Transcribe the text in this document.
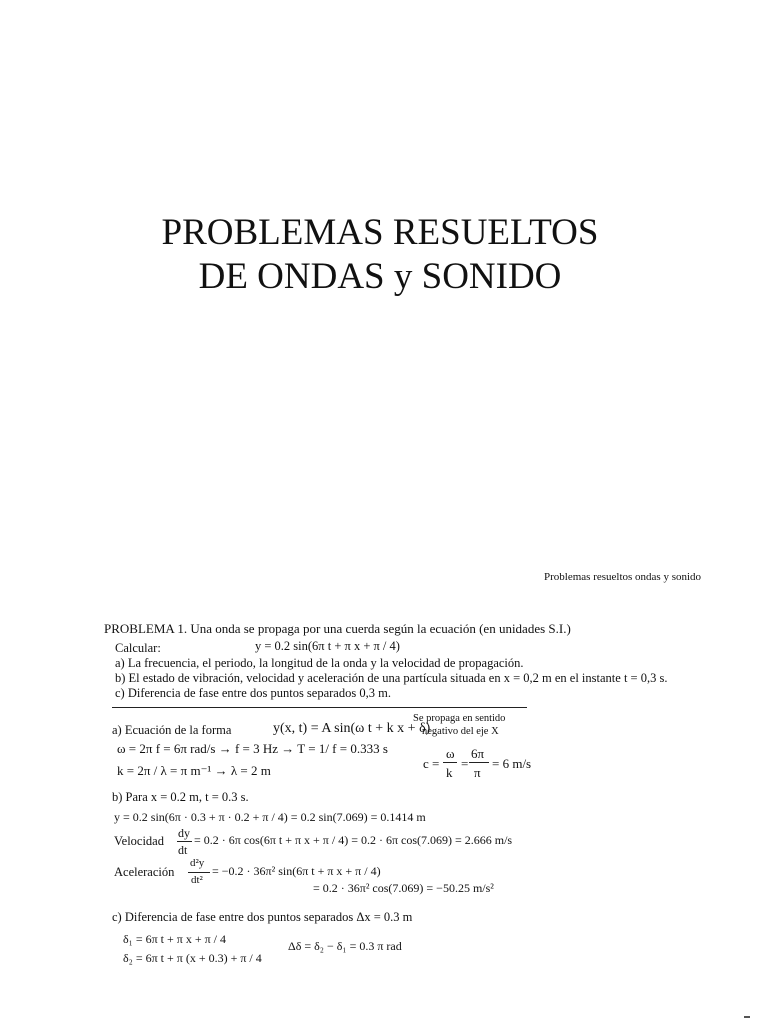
PROBLEMAS RESUELTOS
DE ONDAS y SONIDO
Problemas resueltos ondas y sonido
PROBLEMA 1. Una onda se propaga por una cuerda según la ecuación (en unidades S.I.)
Calcular:	y = 0.2 sin(6π t + π x + π / 4)
a) La frecuencia, el periodo, la longitud de la onda y la velocidad de propagación.
b) El estado de vibración, velocidad y aceleración de una partícula situada en x = 0,2 m en el instante t = 0,3 s.
c) Diferencia de fase entre dos puntos separados 0,3 m.
a) Ecuación de la forma	y(x, t) = A sin(ω t + k x + δ)
Se propaga en sentido
negativo del eje X
ω = 2π f = 6π rad/s → f = 3 Hz → T = 1/ f = 0.333 s
k = 2π / λ = π m⁻¹ → λ = 2 m	c =
ω
k
=
6π
π
= 6 m/s
b) Para x = 0.2 m, t = 0.3 s.
y = 0.2 sin(6π · 0.3 + π · 0.2 + π / 4) = 0.2 sin(7.069) = 0.1414 m
Velocidad
dy
dt
= 0.2 · 6π cos(6π t + π x + π / 4) = 0.2 · 6π cos(7.069) = 2.666 m/s
Aceleración
d²y
dt²
= −0.2 · 36π² sin(6π t + π x + π / 4)
= 0.2 · 36π² cos(7.069) = −50.25 m/s²
c) Diferencia de fase entre dos puntos separados Δx = 0.3 m
δ₁ = 6π t + π x + π / 4
δ₂ = 6π t + π (x + 0.3) + π / 4
Δδ = δ₂ − δ₁ = 0.3 π rad
